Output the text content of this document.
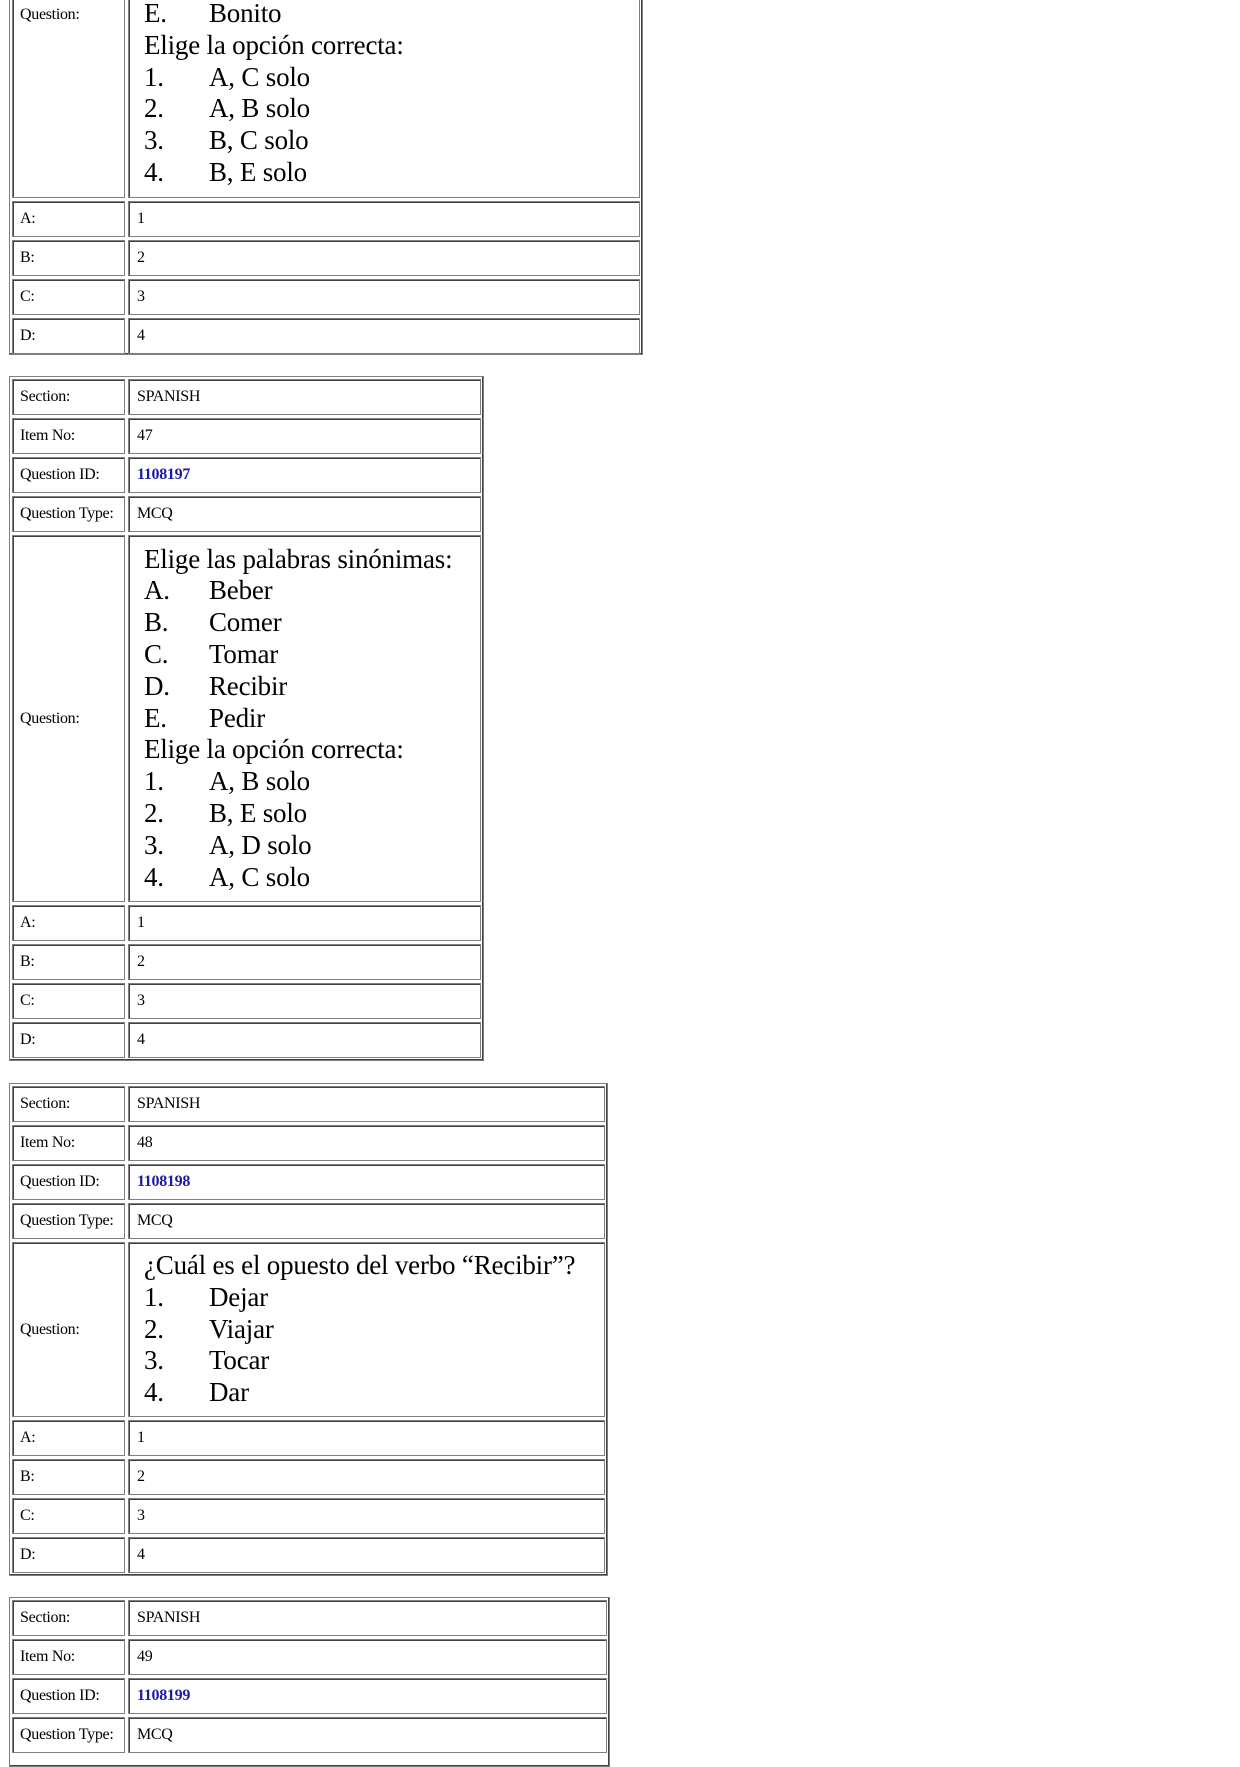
Question:	E.	Bonito
Elige la opción correcta:
1.	A, C solo
2.	A, B solo
3.	B, C solo
4.	B, E solo
A:	1
B:	2
C:	3
D:	4
Section:	SPANISH
Item No:	47
Question ID:	1108197
Question Type:	MCQ
Question:
Elige las palabras sinónimas:
A.	Beber
B.	Comer
C.	Tomar
D.	Recibir
E.	Pedir
Elige la opción correcta:
1.	A, B solo
2.	B, E solo
3.	A, D solo
4.	A, C solo
A:	1
B:	2
C:	3
D:	4
Section:	SPANISH
Item No:	48
Question ID:	1108198
Question Type:	MCQ
Question:
¿Cuál es el opuesto del verbo “Recibir”?
1.	Dejar
2.	Viajar
3.	Tocar
4.	Dar
A:	1
B:	2
C:	3
D:	4
Section:	SPANISH
Item No:	49
Question ID:	1108199
Question Type:	MCQ
